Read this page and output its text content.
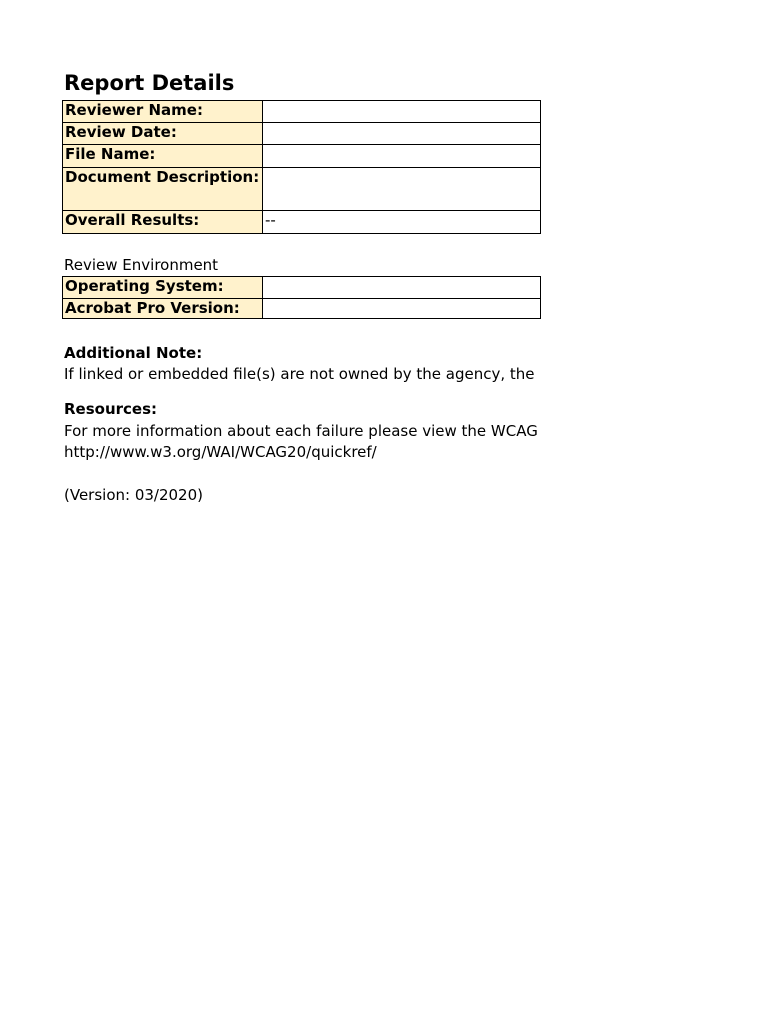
Report Details
Reviewer Name:	
Review Date:	
File Name:	
Document Description:	
Overall Results:	--
Review Environment
Operating System:	
Acrobat Pro Version:	
Additional Note:
If linked or embedded file(s) are not owned by the agency, the
Resources:
For more information about each failure please view the WCAG
http://www.w3.org/WAI/WCAG20/quickref/
(Version: 03/2020)
